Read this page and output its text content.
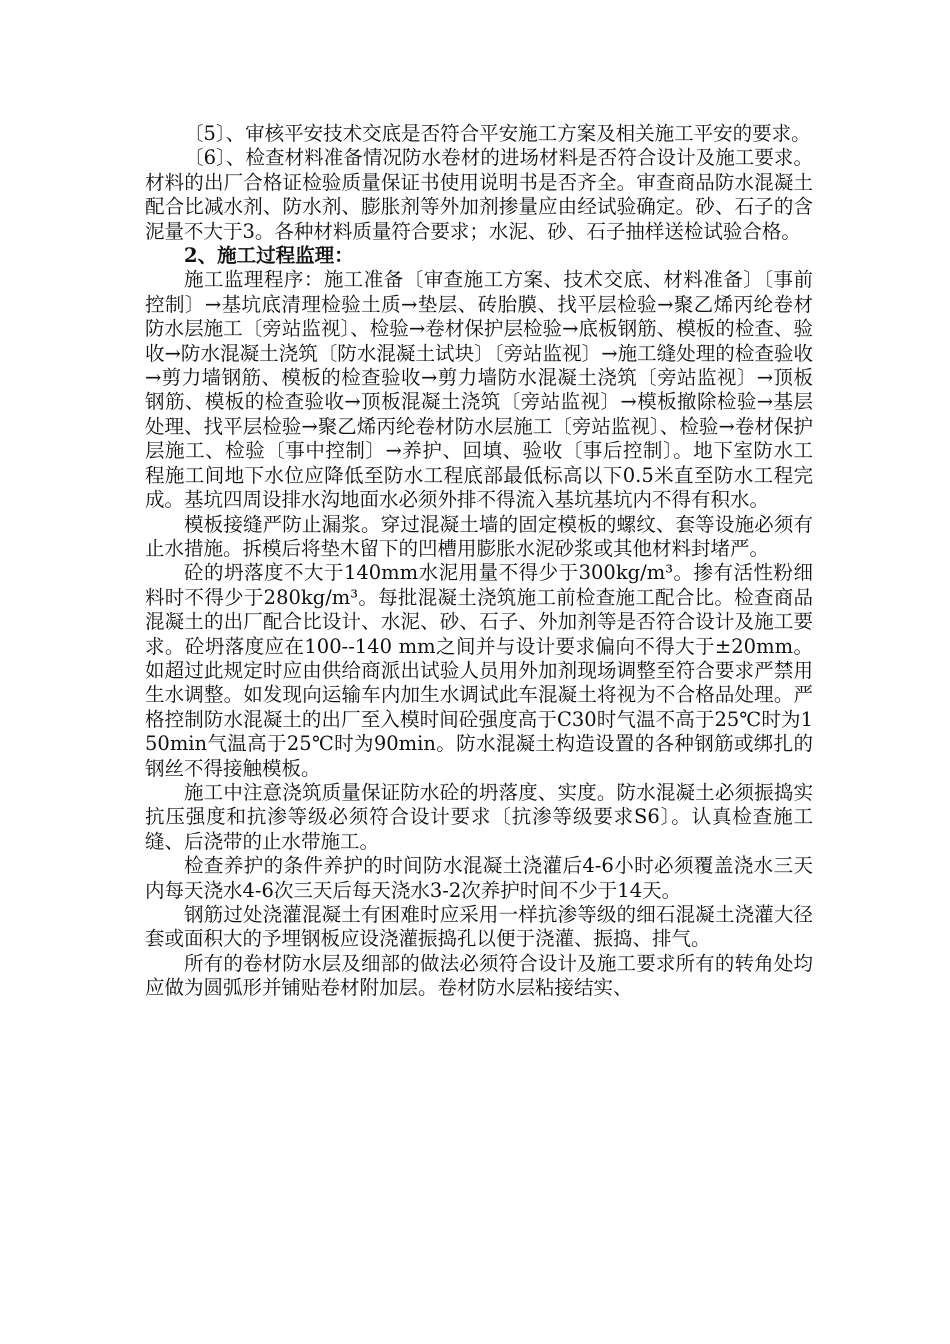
〔5〕、审核平安技术交底是否符合平安施工方案及相关施工平安的要求。

〔6〕、检查材料准备情况防水卷材的进场材料是否符合设计及施工要求。材料的出厂合格证检验质量保证书使用说明书是否齐全。审查商品防水混凝土配合比减水剂、防水剂、膨胀剂等外加剂掺量应由经试验确定。砂、石子的含泥量不大于3。各种材料质量符合要求；水泥、砂、石子抽样送检试验合格。

2、施工过程监理：

施工监理程序：施工准备〔审查施工方案、技术交底、材料准备〕〔事前控制〕→基坑底清理检验土质→垫层、砖胎膜、找平层检验→聚乙烯丙纶卷材防水层施工〔旁站监视〕、检验→卷材保护层检验→底板钢筋、模板的检查、验收→防水混凝土浇筑〔防水混凝土试块〕〔旁站监视〕→施工缝处理的检查验收→剪力墙钢筋、模板的检查验收→剪力墙防水混凝土浇筑〔旁站监视〕→顶板钢筋、模板的检查验收→顶板混凝土浇筑〔旁站监视〕→模板撤除检验→基层处理、找平层检验→聚乙烯丙纶卷材防水层施工〔旁站监视〕、检验→卷材保护层施工、检验〔事中控制〕→养护、回填、验收〔事后控制〕。地下室防水工程施工间地下水位应降低至防水工程底部最低标高以下0.5米直至防水工程完成。基坑四周设排水沟地面水必须外排不得流入基坑基坑内不得有积水。

模板接缝严防止漏浆。穿过混凝土墙的固定模板的螺纹、套等设施必须有止水措施。拆模后将垫木留下的凹槽用膨胀水泥砂浆或其他材料封堵严。

砼的坍落度不大于140mm水泥用量不得少于300kg/m³。掺有活性粉细料时不得少于280kg/m³。每批混凝土浇筑施工前检查施工配合比。检查商品混凝土的出厂配合比设计、水泥、砂、石子、外加剂等是否符合设计及施工要求。砼坍落度应在100--140 mm之间并与设计要求偏向不得大于±20mm。如超过此规定时应由供给商派出试验人员用外加剂现场调整至符合要求严禁用生水调整。如发现向运输车内加生水调试此车混凝土将视为不合格品处理。严格控制防水混凝土的出厂至入模时间砼强度高于C30时气温不高于25℃时为150min气温高于25℃时为90min。防水混凝土构造设置的各种钢筋或绑扎的钢丝不得接触模板。

施工中注意浇筑质量保证防水砼的坍落度、实度。防水混凝土必须振捣实抗压强度和抗渗等级必须符合设计要求〔抗渗等级要求S6〕。认真检查施工缝、后浇带的止水带施工。

检查养护的条件养护的时间防水混凝土浇灌后4-6小时必须覆盖浇水三天内每天浇水4-6次三天后每天浇水3-2次养护时间不少于14天。

钢筋过处浇灌混凝土有困难时应采用一样抗渗等级的细石混凝土浇灌大径套或面积大的予埋钢板应设浇灌振捣孔以便于浇灌、振捣、排气。

所有的卷材防水层及细部的做法必须符合设计及施工要求所有的转角处均应做为圆弧形并铺贴卷材附加层。卷材防水层粘接结实、
